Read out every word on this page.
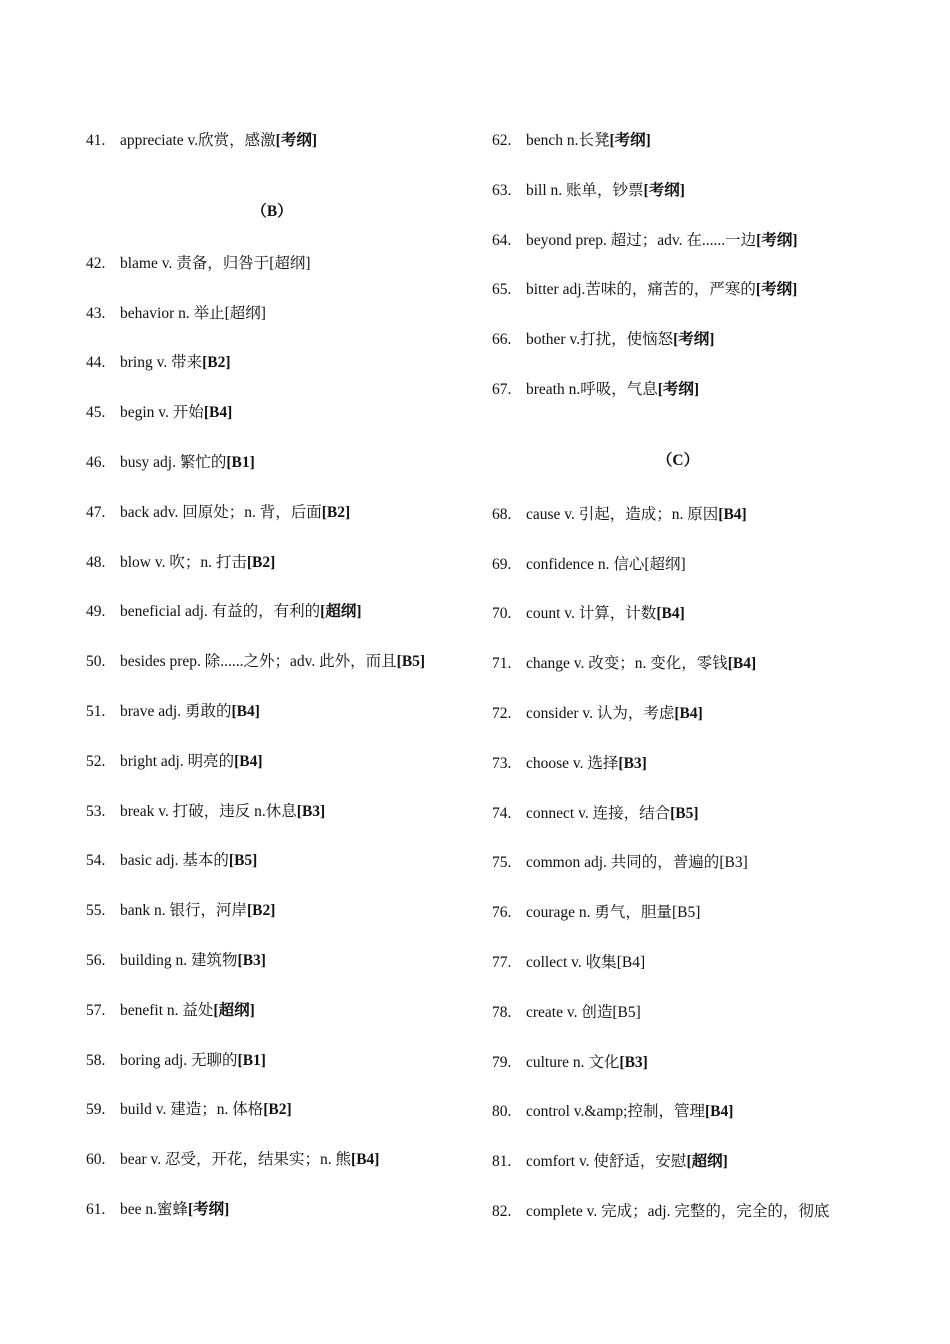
41. appreciate v.欣赏，感激[考纲]
（B）
42. blame v. 责备，归咎于[超纲]
43. behavior n. 举止[超纲]
44. bring v. 带来[B2]
45. begin v. 开始[B4]
46. busy adj. 繁忙的[B1]
47. back adv. 回原处；n. 背，后面[B2]
48. blow v. 吹；n. 打击[B2]
49. beneficial adj. 有益的，有利的[超纲]
50. besides prep. 除......之外；adv. 此外，而且[B5]
51. brave adj. 勇敢的[B4]
52. bright adj. 明亮的[B4]
53. break v. 打破，违反 n.休息[B3]
54. basic adj. 基本的[B5]
55. bank n. 银行，河岸[B2]
56. building n. 建筑物[B3]
57. benefit n. 益处[超纲]
58. boring adj. 无聊的[B1]
59. build v. 建造；n. 体格[B2]
60. bear v. 忍受，开花，结果实；n. 熊[B4]
61. bee n.蜜蜂[考纲]
62. bench n.长凳[考纲]
63. bill n. 账单，钞票[考纲]
64. beyond prep. 超过；adv. 在......一边[考纲]
65. bitter adj.苦味的，痛苦的，严寒的[考纲]
66. bother v.打扰，使恼怒[考纲]
67. breath n.呼吸，气息[考纲]
（C）
68. cause v. 引起，造成；n. 原因[B4]
69. confidence n. 信心[超纲]
70. count v. 计算，计数[B4]
71. change v. 改变；n. 变化，零钱[B4]
72. consider v. 认为，考虑[B4]
73. choose v. 选择[B3]
74. connect v. 连接，结合[B5]
75. common adj. 共同的，普遍的[B3]
76. courage n. 勇气，胆量[B5]
77. collect v. 收集[B4]
78. create v. 创造[B5]
79. culture n. 文化[B3]
80. control v.&amp;控制，管理[B4]
81. comfort v. 使舒适，安慰[超纲]
82. complete v. 完成；adj. 完整的，完全的，彻底
